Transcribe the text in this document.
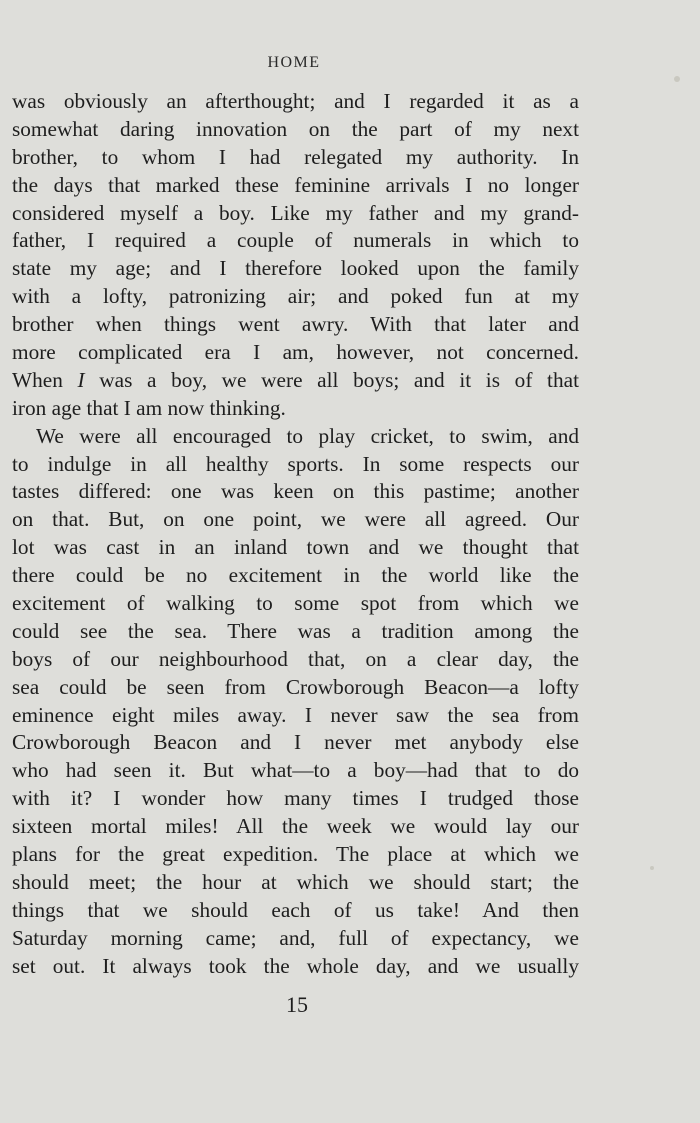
HOME
was obviously an afterthought; and I regarded it as a
somewhat daring innovation on the part of my next
brother, to whom I had relegated my authority. In
the days that marked these feminine arrivals I no longer
considered myself a boy. Like my father and my grand-
father, I required a couple of numerals in which to
state my age; and I therefore looked upon the family
with a lofty, patronizing air; and poked fun at my
brother when things went awry. With that later and
more complicated era I am, however, not concerned.
When I was a boy, we were all boys; and it is of that
iron age that I am now thinking.
We were all encouraged to play cricket, to swim, and
to indulge in all healthy sports. In some respects our
tastes differed: one was keen on this pastime; another
on that. But, on one point, we were all agreed. Our
lot was cast in an inland town and we thought that
there could be no excitement in the world like the
excitement of walking to some spot from which we
could see the sea. There was a tradition among the
boys of our neighbourhood that, on a clear day, the
sea could be seen from Crowborough Beacon—a lofty
eminence eight miles away. I never saw the sea from
Crowborough Beacon and I never met anybody else
who had seen it. But what—to a boy—had that to do
with it? I wonder how many times I trudged those
sixteen mortal miles! All the week we would lay our
plans for the great expedition. The place at which we
should meet; the hour at which we should start; the
things that we should each of us take! And then
Saturday morning came; and, full of expectancy, we
set out. It always took the whole day, and we usually
15
